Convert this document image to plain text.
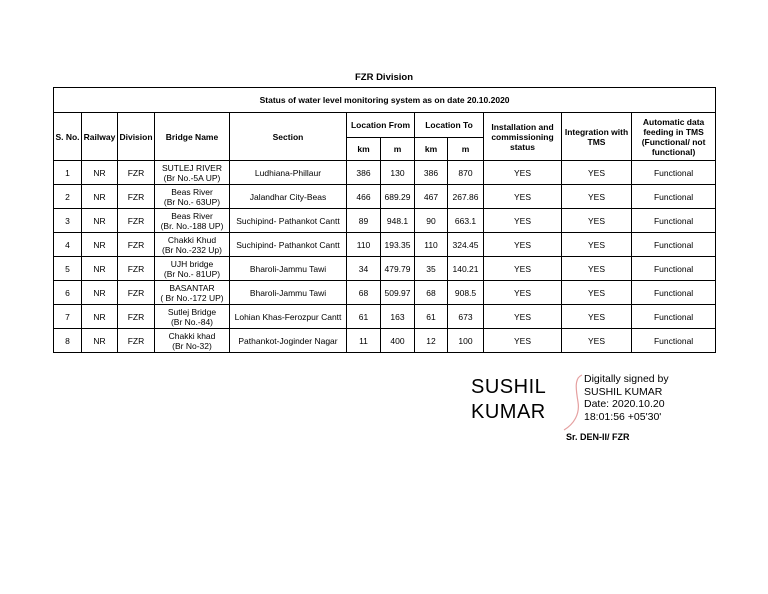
FZR Division
Status of water level monitoring system as on date 20.10.2020											
S. No.	Railway	Division	Bridge Name	Section	Location From		Location To		Installation and commissioning status	Integration with TMS	Automatic data feeding in TMS (Functional/ not functional)
					km	m	km	m			
1	NR	FZR	SUTLEJ RIVER
(Br No.-5A UP)	Ludhiana-Phillaur	386	130	386	870	YES	YES	Functional
2	NR	FZR	Beas River
(Br No.- 63UP)	Jalandhar City-Beas	466	689.29	467	267.86	YES	YES	Functional
3	NR	FZR	Beas River
(Br. No.-188 UP)	Suchipind- Pathankot Cantt	89	948.1	90	663.1	YES	YES	Functional
4	NR	FZR	Chakki Khud
(Br No.-232 Up)	Suchipind- Pathankot Cantt	110	193.35	110	324.45	YES	YES	Functional
5	NR	FZR	UJH bridge
(Br No.- 81UP)	Bharoli-Jammu Tawi	34	479.79	35	140.21	YES	YES	Functional
6	NR	FZR	BASANTAR
( Br No.-172 UP)	Bharoli-Jammu Tawi	68	509.97	68	908.5	YES	YES	Functional
7	NR	FZR	Sutlej Bridge
(Br No.-84)	Lohian Khas-Ferozpur Cantt	61	163	61	673	YES	YES	Functional
8	NR	FZR	Chakki khad
(Br No-32)	Pathankot-Joginder Nagar	11	400	12	100	YES	YES	Functional
SUSHIL
KUMAR
Digitally signed by
SUSHIL KUMAR
Date: 2020.10.20
18:01:56 +05'30'
Sr. DEN-II/ FZR
